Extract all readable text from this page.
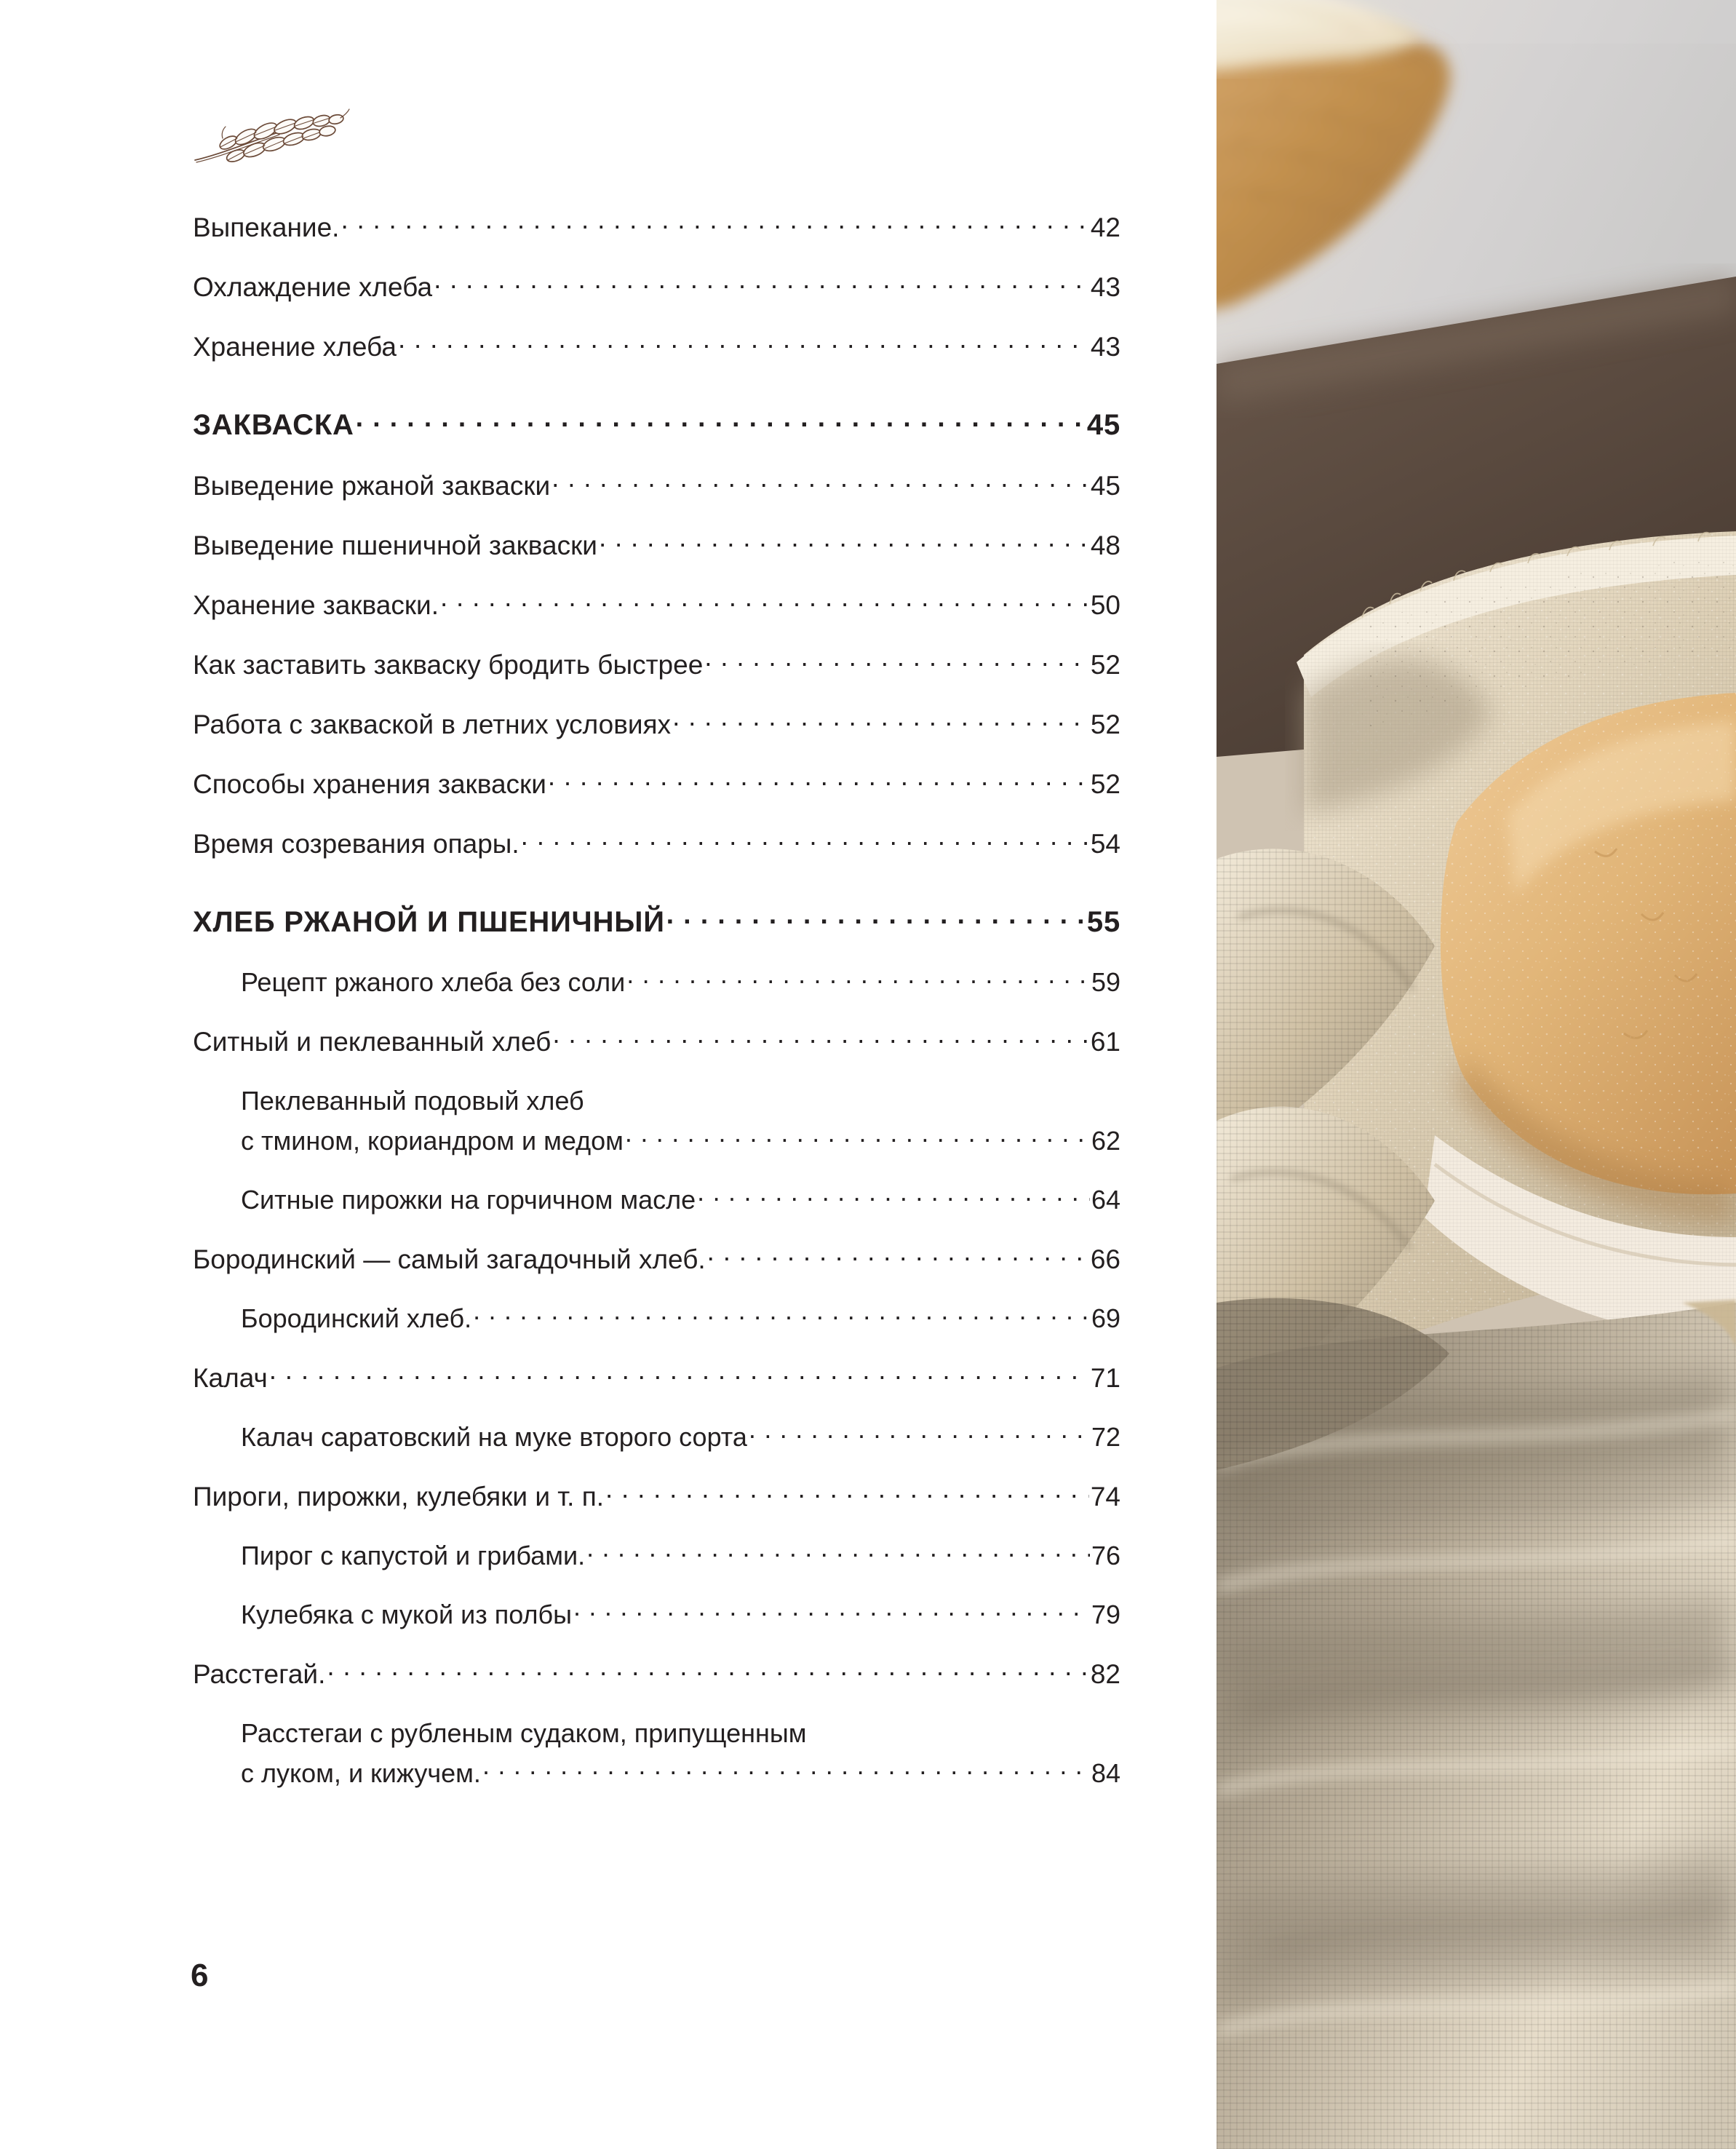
Выпекание. . . .	42
Охлаждение хлеба . . .	43
Хранение хлеба . . .	43
ЗАКВАСКА . . .	45
Выведение ржаной закваски . . .	45
Выведение пшеничной закваски . . .	48
Хранение закваски. . . .	50
Как заставить закваску бродить быстрее . . .	52
Работа с закваской в летних условиях . . .	52
Способы хранения закваски . . .	52
Время созревания опары. . . .	54
ХЛЕБ РЖАНОЙ И ПШЕНИЧНЫЙ . . .	55
Рецепт ржаного хлеба без соли . . .	59
Ситный и пеклеванный хлеб . . .	61
Пеклеванный подовый хлеб
с тмином, кориандром и медом . . .	62
Ситные пирожки на горчичном масле . . .	64
Бородинский — самый загадочный хлеб. . . .	66
Бородинский хлеб. . . .	69
Калач . . .	71
Калач саратовский на муке второго сорта . . .	72
Пироги, пирожки, кулебяки и т. п. . . .	74
Пирог с капустой и грибами. . . .	76
Кулебяка с мукой из полбы . . .	79
Расстегай. . . .	82
Расстегаи с рубленым судаком, припущенным
с луком, и кижучем. . . .	84
6
